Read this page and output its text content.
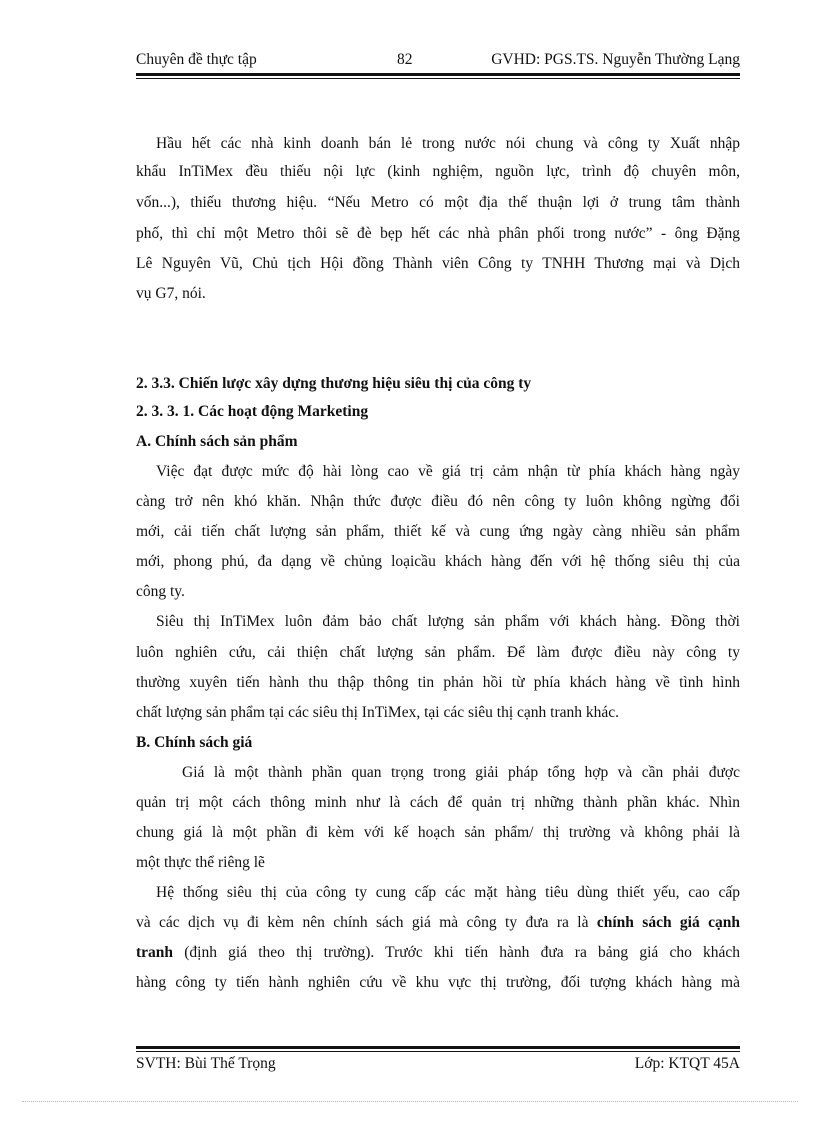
Chuyên đề thực tập	82	GVHD: PGS.TS. Nguyễn Thường Lạng
Hầu hết các nhà kinh doanh bán lẻ trong nước nói chung và công ty Xuất nhập
khẩu InTiMex đều thiếu nội lực (kinh nghiệm, nguồn lực, trình độ chuyên môn,
vốn...), thiếu thương hiệu. “Nếu Metro có một địa thế thuận lợi ở trung tâm thành
phố, thì chỉ một Metro thôi sẽ đè bẹp hết các nhà phân phối trong nước” - ông Đặng
Lê Nguyên Vũ, Chủ tịch Hội đồng Thành viên Công ty TNHH Thương mại và Dịch
vụ G7, nói.
2. 3.3. Chiến lược xây dựng thương hiệu siêu thị của công ty
2. 3. 3. 1. Các hoạt động Marketing
A. Chính sách sản phẩm
Việc đạt được mức độ hài lòng cao về giá trị cảm nhận từ phía khách hàng ngày
càng trở nên khó khăn. Nhận thức được điều đó nên công ty luôn không ngừng đổi
mới, cải tiến chất lượng sản phẩm, thiết kế và cung ứng ngày càng nhiều sản phẩm
mới, phong phú, đa dạng về chủng loạicầu khách hàng đến với hệ thống siêu thị của
công ty.
Siêu thị InTiMex luôn đảm bảo chất lượng sản phẩm với khách hàng. Đồng thời
luôn nghiên cứu, cải thiện chất lượng sản phẩm. Để làm được điều này công ty
thường xuyên tiến hành thu thập thông tin phản hồi từ phía khách hàng về tình hình
chất lượng sản phẩm tại các siêu thị InTiMex, tại các siêu thị cạnh tranh khác.
B. Chính sách giá
Giá là một thành phần quan trọng trong giải pháp tổng hợp và cần phải được
quản trị một cách thông minh như là cách để quản trị những thành phần khác. Nhìn
chung giá là một phần đi kèm với kế hoạch sản phẩm/ thị trường và không phải là
một thực thể riêng lẽ
Hệ thống siêu thị của công ty cung cấp các mặt hàng tiêu dùng thiết yếu, cao cấp
và các dịch vụ đi kèm nên chính sách giá mà công ty đưa ra là chính sách giá cạnh
tranh (định giá theo thị trường). Trước khi tiến hành đưa ra bảng giá cho khách
hàng công ty tiến hành nghiên cứu về khu vực thị trường, đối tượng khách hàng mà
SVTH: Bùi Thế Trọng	Lớp: KTQT 45A
